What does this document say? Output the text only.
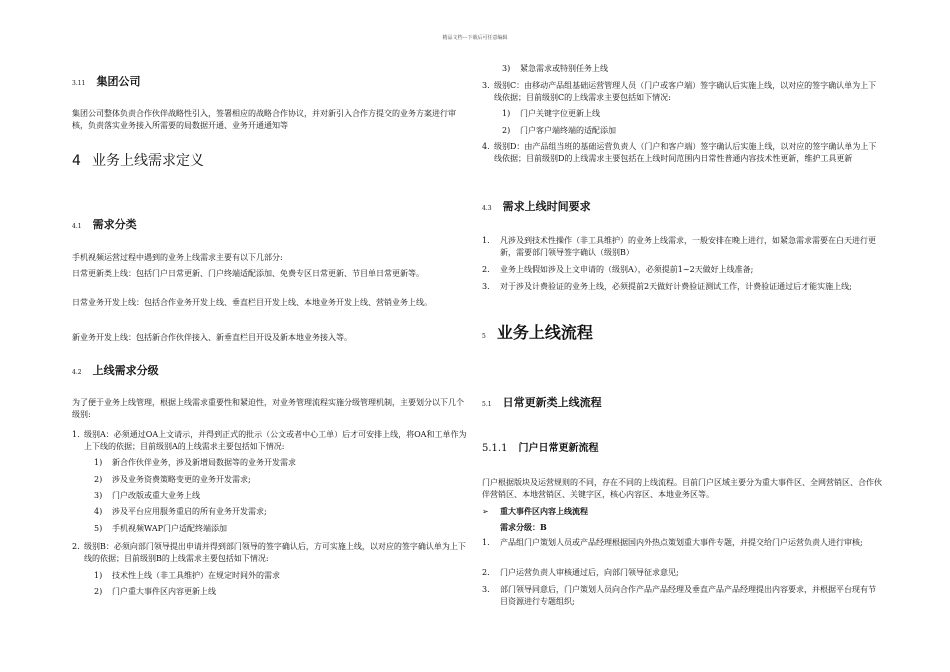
精品文档---下载后可任意编辑
3.11 集团公司
集团公司整体负责合作伙伴战略性引入，签署相应的战略合作协议，并对新引入合作方提交的业务方案进行审核，负责落实业务接入所需要的局数据开通、业务开通通知等
4 业务上线需求定义
4.1 需求分类
手机视频运营过程中遇到的业务上线需求主要有以下几部分:
日常更新类上线：包括门户日常更新、门户终端适配添加、免费专区日常更新、节目单日常更新等。
日常业务开发上线：包括合作业务开发上线、垂直栏目开发上线、本地业务开发上线、营销业务上线。
新业务开发上线：包括新合作伙伴接入、新垂直栏目开设及新本地业务接入等。
4.2 上线需求分级
为了便于业务上线管理，根据上线需求重要性和紧迫性，对业务管理流程实施分级管理机制，主要划分以下几个级别:
1. 级别A：必须通过OA上文请示，并得到正式的批示（公文或者中心工单）后才可安排上线，将OA和工单作为上下线的依据；目前级别A的上线需求主要包括如下情况:
1) 新合作伙伴业务，涉及新增局数据等的业务开发需求
2) 涉及业务资费策略变更的业务开发需求;
3) 门户改版或重大业务上线
4) 涉及平台应用服务重启的所有业务开发需求;
5) 手机视频WAP门户适配终端添加
2. 级别B：必须向部门领导提出申请并得到部门领导的签字确认后，方可实施上线，以对应的签字确认单为上下线的依据；目前级别B的上线需求主要包括如下情况:
1) 技术性上线（非工具维护）在规定时间外的需求
2) 门户重大事件区内容更新上线
3) 紧急需求或特别任务上线
3. 级别C：由移动产品组基础运营管理人员（门户或客户端）签字确认后实施上线，以对应的签字确认单为上下线依据；目前级别C的上线需求主要包括如下情况:
1) 门户关键字位更新上线
2) 门户客户端终端的适配添加
4. 级别D：由产品组当班的基础运营负责人（门户和客户端）签字确认后实施上线，以对应的签字确认单为上下线依据；目前级别D的上线需求主要包括在上线时间范围内日常性普通内容技术性更新，维护工具更新
4.3 需求上线时间要求
1.	凡涉及到技术性操作（非工具维护）的业务上线需求，一般安排在晚上进行，如紧急需求需要在白天进行更新，需要部门领导签字确认（级别B）
2.	业务上线假如涉及上文申请的（级别A），必须提前1~2天做好上线准备;
3.	对于涉及计费验证的业务上线，必须提前2天做好计费验证测试工作，计费验证通过后才能实施上线;
5 业务上线流程
5.1 日常更新类上线流程
5.1.1 门户日常更新流程
门户根据版块及运营规则的不同，存在不同的上线流程。目前门户区域主要分为重大事件区、全网营销区、合作伙伴营销区、本地营销区、关键字区，核心内容区、本地业务区等。
➢ 重大事件区内容上线流程
需求分级：B
1.	产品组门户策划人员或产品经理根据国内外热点策划重大事件专题，并提交给门户运营负责人进行审核;
2.	门户运营负责人审核通过后，向部门领导征求意见;
3.	部门领导同意后，门户策划人员向合作产品产品经理及垂直产品产品经理提出内容要求，并根据平台现有节目资源进行专题组织;
